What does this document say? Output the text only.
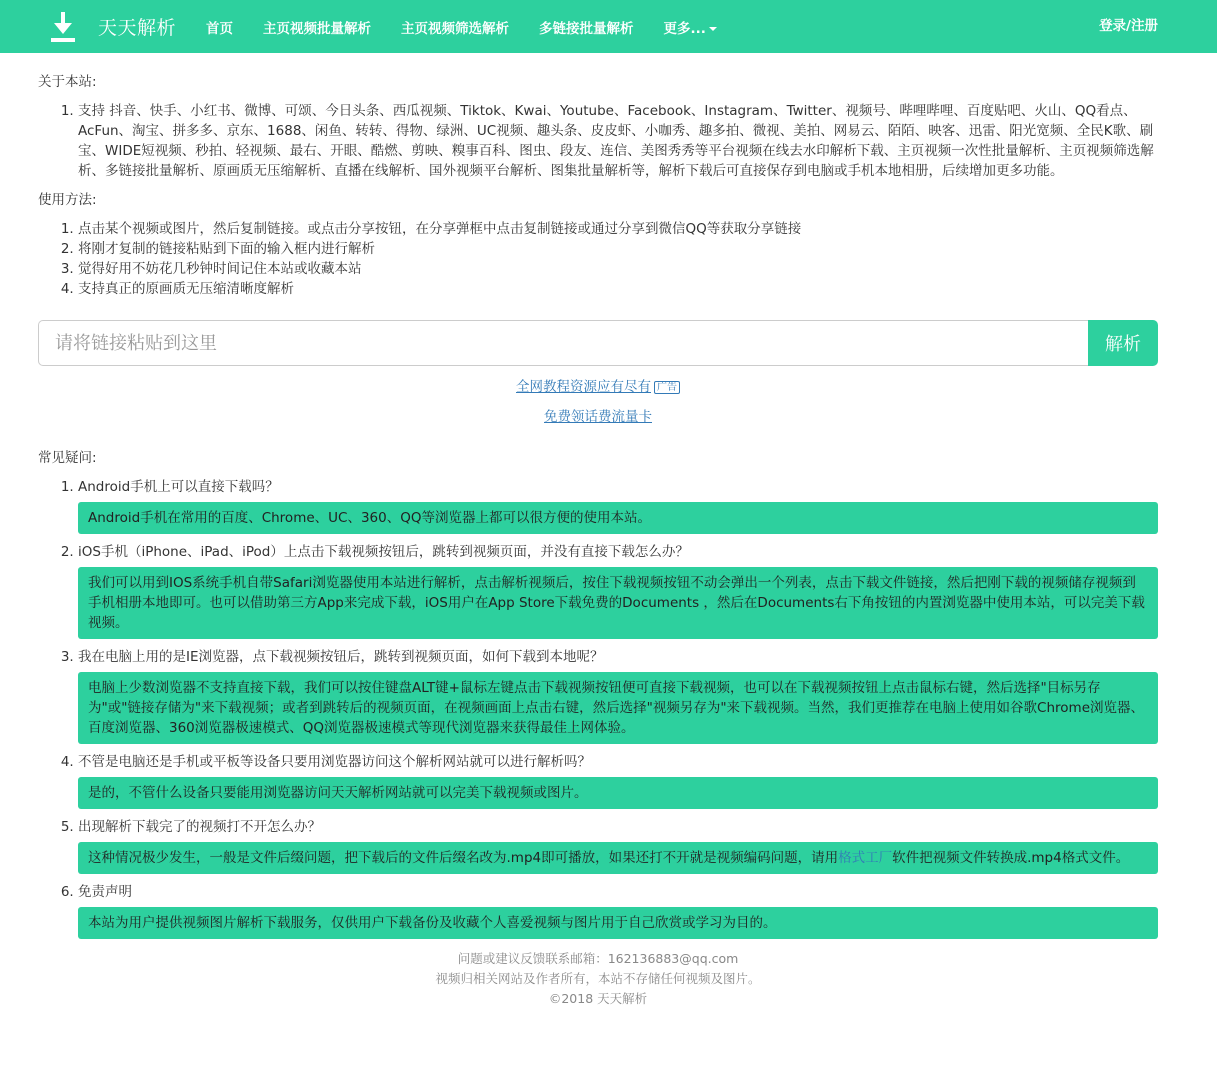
天天解析 首页 主页视频批量解析 主页视频筛选解析 多链接批量解析 更多...	登录/注册
关于本站:
1. 支持 抖音、快手、小红书、微博、可颂、今日头条、西瓜视频、Tiktok、Kwai、Youtube、Facebook、Instagram、Twitter、视频号、哔哩哔哩、百度贴吧、火山、QQ看点、AcFun、淘宝、拼多多、京东、1688、闲鱼、转转、得物、绿洲、UC视频、趣头条、皮皮虾、小咖秀、趣多拍、微视、美拍、网易云、陌陌、映客、迅雷、阳光宽频、全民K歌、刷宝、WIDE短视频、秒拍、轻视频、最右、开眼、酷燃、剪映、糗事百科、图虫、段友、连信、美图秀秀等平台视频在线去水印解析下载、主页视频一次性批量解析、主页视频筛选解析、多链接批量解析、原画质无压缩解析、直播在线解析、国外视频平台解析、图集批量解析等，解析下载后可直接保存到电脑或手机本地相册，后续增加更多功能。
使用方法:
1. 点击某个视频或图片，然后复制链接。或点击分享按钮，在分享弹框中点击复制链接或通过分享到微信QQ等获取分享链接
2. 将刚才复制的链接粘贴到下面的输入框内进行解析
3. 觉得好用不妨花几秒钟时间记住本站或收藏本站
4. 支持真正的原画质无压缩清晰度解析
请将链接粘贴到这里
解析
全网教程资源应有尽有 广告
免费领话费流量卡
常见疑问:
1. Android手机上可以直接下载吗？
Android手机在常用的百度、Chrome、UC、360、QQ等浏览器上都可以很方便的使用本站。
2. iOS手机（iPhone、iPad、iPod）上点击下载视频按钮后，跳转到视频页面，并没有直接下载怎么办？
我们可以用到IOS系统手机自带Safari浏览器使用本站进行解析，点击解析视频后，按住下载视频按钮不动会弹出一个列表，点击下载文件链接，然后把刚下载的视频储存视频到手机相册本地即可。也可以借助第三方App来完成下载，iOS用户在App Store下载免费的Documents ，然后在Documents右下角按钮的内置浏览器中使用本站，可以完美下载视频。
3. 我在电脑上用的是IE浏览器，点下载视频按钮后，跳转到视频页面，如何下载到本地呢？
电脑上少数浏览器不支持直接下载，我们可以按住键盘ALT键+鼠标左键点击下载视频按钮便可直接下载视频，也可以在下载视频按钮上点击鼠标右键，然后选择"目标另存为"或"链接存储为"来下载视频；或者到跳转后的视频页面，在视频画面上点击右键，然后选择"视频另存为"来下载视频。当然，我们更推荐在电脑上使用如谷歌Chrome浏览器、百度浏览器、360浏览器极速模式、QQ浏览器极速模式等现代浏览器来获得最佳上网体验。
4. 不管是电脑还是手机或平板等设备只要用浏览器访问这个解析网站就可以进行解析吗？
是的，不管什么设备只要能用浏览器访问天天解析网站就可以完美下载视频或图片。
5. 出现解析下载完了的视频打不开怎么办？
这种情况极少发生，一般是文件后缀问题，把下载后的文件后缀名改为.mp4即可播放，如果还打不开就是视频编码问题，请用格式工厂软件把视频文件转换成.mp4格式文件。
6. 免责声明
本站为用户提供视频图片解析下载服务，仅供用户下载备份及收藏个人喜爱视频与图片用于自己欣赏或学习为目的。
问题或建议反馈联系邮箱：162136883@qq.com
视频归相关网站及作者所有，本站不存储任何视频及图片。
©2018 天天解析
